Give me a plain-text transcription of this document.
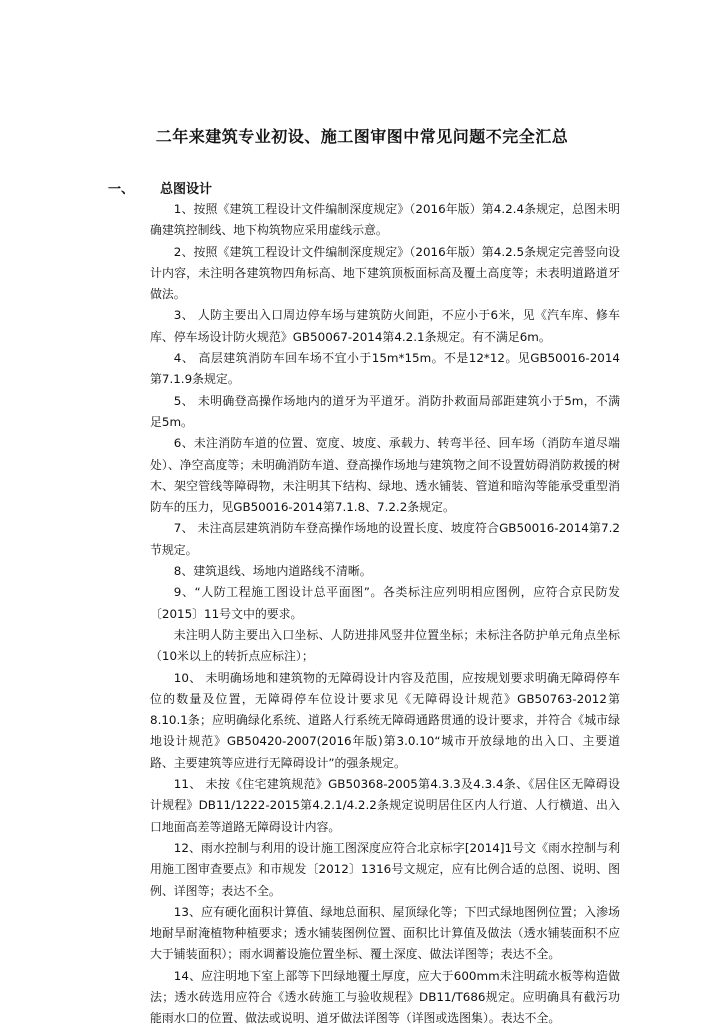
二年来建筑专业初设、施工图审图中常见问题不完全汇总
一、 总图设计

1、按照《建筑工程设计文件编制深度规定》（2016年版）第4.2.4条规定，总图未明确建筑控制线、地下构筑物应采用虚线示意。

2、按照《建筑工程设计文件编制深度规定》（2016年版）第4.2.5条规定完善竖向设计内容，未注明各建筑物四角标高、地下建筑顶板面标高及覆土高度等；未表明道路道牙做法。

3、 人防主要出入口周边停车场与建筑防火间距，不应小于6米，见《汽车库、修车库、停车场设计防火规范》GB50067-2014第4.2.1条规定。有不满足6m。

4、 高层建筑消防车回车场不宜小于15m*15m。不是12*12。见GB50016-2014第7.1.9条规定。

5、 未明确登高操作场地内的道牙为平道牙。消防扑救面局部距建筑小于5m，不满足5m。

6、未注消防车道的位置、宽度、坡度、承载力、转弯半径、回车场（消防车道尽端处）、净空高度等；未明确消防车道、登高操作场地与建筑物之间不设置妨碍消防救援的树木、架空管线等障碍物，未注明其下结构、绿地、透水铺装、管道和暗沟等能承受重型消防车的压力，见GB50016-2014第7.1.8、7.2.2条规定。

7、 未注高层建筑消防车登高操作场地的设置长度、坡度符合GB50016-2014第7.2节规定。

8、建筑退线、场地内道路线不清晰。

9、“人防工程施工图设计总平面图”。各类标注应列明相应图例，应符合京民防发〔2015〕11号文中的要求。

未注明人防主要出入口坐标、人防进排风竖井位置坐标；未标注各防护单元角点坐标（10米以上的转折点应标注）；

10、 未明确场地和建筑物的无障碍设计内容及范围，应按规划要求明确无障碍停车位的数量及位置，无障碍停车位设计要求见《无障碍设计规范》GB50763-2012第8.10.1条；应明确绿化系统、道路人行系统无障碍通路贯通的设计要求，并符合《城市绿地设计规范》GB50420-2007(2016年版)第3.0.10“城市开放绿地的出入口、主要道路、主要建筑等应进行无障碍设计”的强条规定。

11、 未按《住宅建筑规范》GB50368-2005第4.3.3及4.3.4条、《居住区无障碍设计规程》DB11/1222-2015第4.2.1/4.2.2条规定说明居住区内人行道、人行横道、出入口地面高差等道路无障碍设计内容。

12、雨水控制与利用的设计施工图深度应符合北京标字[2014]1号文《雨水控制与利用施工图审查要点》和市规发〔2012〕1316号文规定，应有比例合适的总图、说明、图例、详图等；表达不全。

13、应有硬化面积计算值、绿地总面积、屋顶绿化等；下凹式绿地图例位置；入渗场地耐旱耐淹植物种植要求；透水铺装图例位置、面积比计算值及做法（透水铺装面积不应大于铺装面积）；雨水调蓄设施位置坐标、覆土深度、做法详图等；表达不全。

14、应注明地下室上部等下凹绿地覆土厚度，应大于600mm未注明疏水板等构造做法；透水砖选用应符合《透水砖施工与验收规程》DB11/T686规定。应明确具有截污功能雨水口的位置、做法或说明、道牙做法详图等（详图或选图集）。表达不全。
